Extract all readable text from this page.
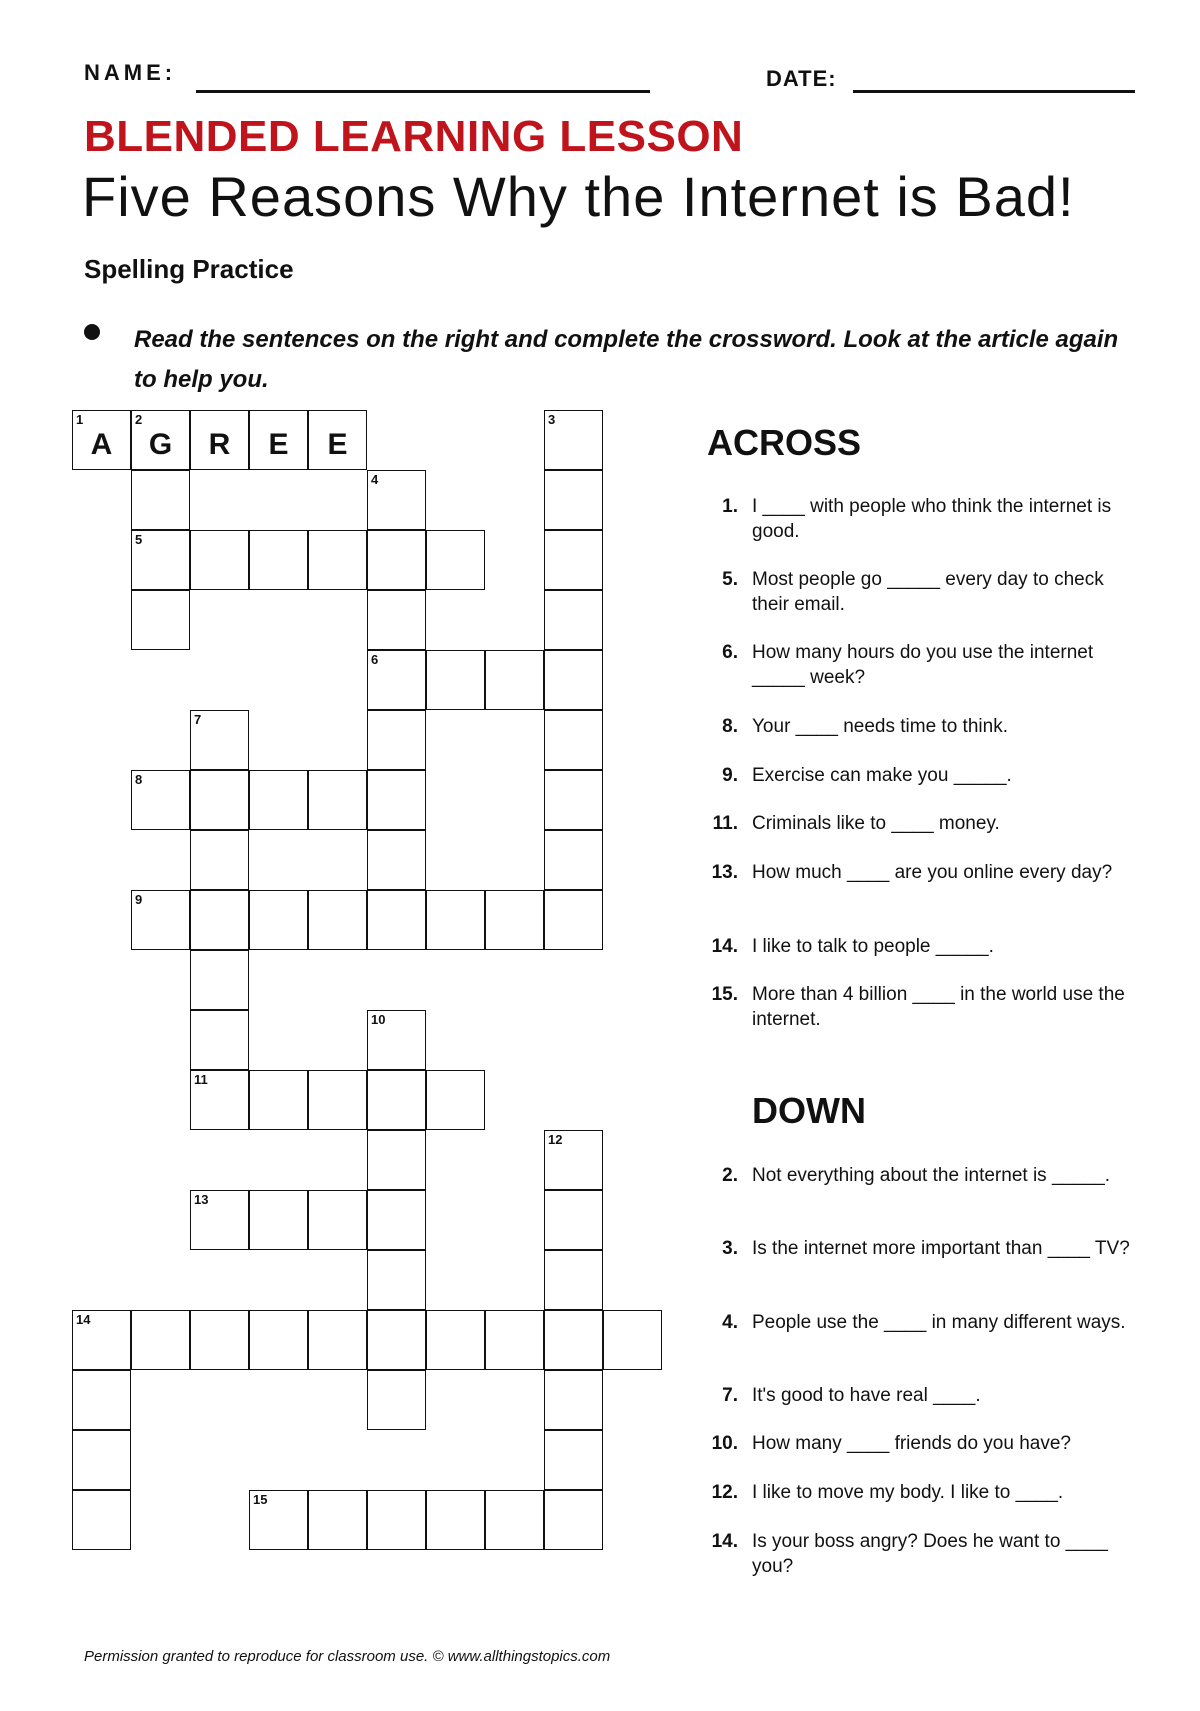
NAME:	DATE:
BLENDED LEARNING LESSON
Five Reasons Why the Internet is Bad!
Spelling Practice
Read the sentences on the right and complete the crossword. Look at the article again to help you.
1	2
A	G	R	E	E
3
4
5
6
7
8
9
10
11
12
13
14
15
ACROSS
1. I ____ with people who think the internet is good.
5. Most people go _____ every day to check their email.
6. How many hours do you use the internet _____ week?
8. Your ____ needs time to think.
9. Exercise can make you _____.
11. Criminals like to ____ money.
13. How much ____ are you online every day?
14. I like to talk to people _____.
15. More than 4 billion ____ in the world use the internet.
DOWN
2. Not everything about the internet is _____.
3. Is the internet more important than ____ TV?
4. People use the ____ in many different ways.
7. It's good to have real ____.
10. How many ____ friends do you have?
12. I like to move my body. I like to ____.
14. Is your boss angry? Does he want to ____ you?
Permission granted to reproduce for classroom use. © www.allthingstopics.com
